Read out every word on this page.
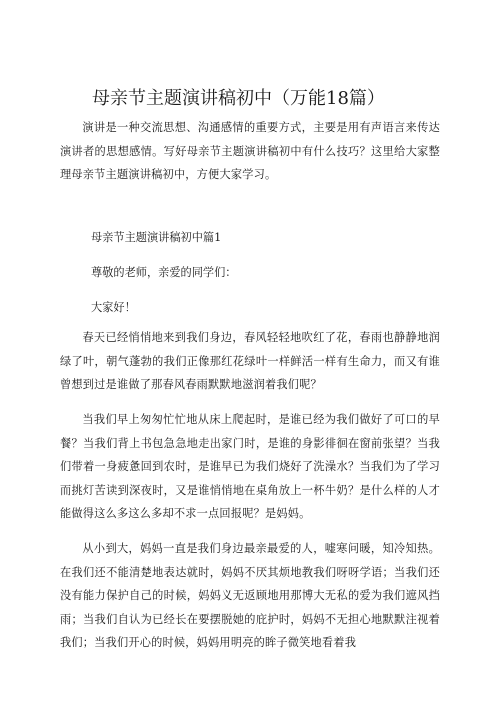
母亲节主题演讲稿初中（万能18篇）

演讲是一种交流思想、沟通感情的重要方式，主要是用有声语言来传达演讲者的思想感情。写好母亲节主题演讲稿初中有什么技巧？这里给大家整理母亲节主题演讲稿初中，方便大家学习。

母亲节主题演讲稿初中篇1

尊敬的老师，亲爱的同学们：

大家好！

春天已经悄悄地来到我们身边，春风轻轻地吹红了花，春雨也静静地润绿了叶，朝气蓬勃的我们正像那红花绿叶一样鲜活一样有生命力，而又有谁曾想到过是谁做了那春风春雨默默地滋润着我们呢？

当我们早上匆匆忙忙地从床上爬起时，是谁已经为我们做好了可口的早餐？当我们背上书包急急地走出家门时，是谁的身影徘徊在窗前张望？当我们带着一身疲惫回到农时，是谁早已为我们烧好了洗澡水？当我们为了学习而挑灯苦读到深夜时，又是谁悄悄地在桌角放上一杯牛奶？是什么样的人才能做得这么多这么多却不求一点回报呢？是妈妈。

从小到大，妈妈一直是我们身边最亲最爱的人，嘘寒问暖，知冷知热。在我们还不能清楚地表达就时，妈妈不厌其烦地教我们呀呀学语；当我们还没有能力保护自己的时候，妈妈义无返顾地用那博大无私的爱为我们遮风挡雨；当我们自认为已经长在要摆脱她的庇护时，妈妈不无担心地默默注视着我们；当我们开心的时候，妈妈用明亮的眸子微笑地看着我
